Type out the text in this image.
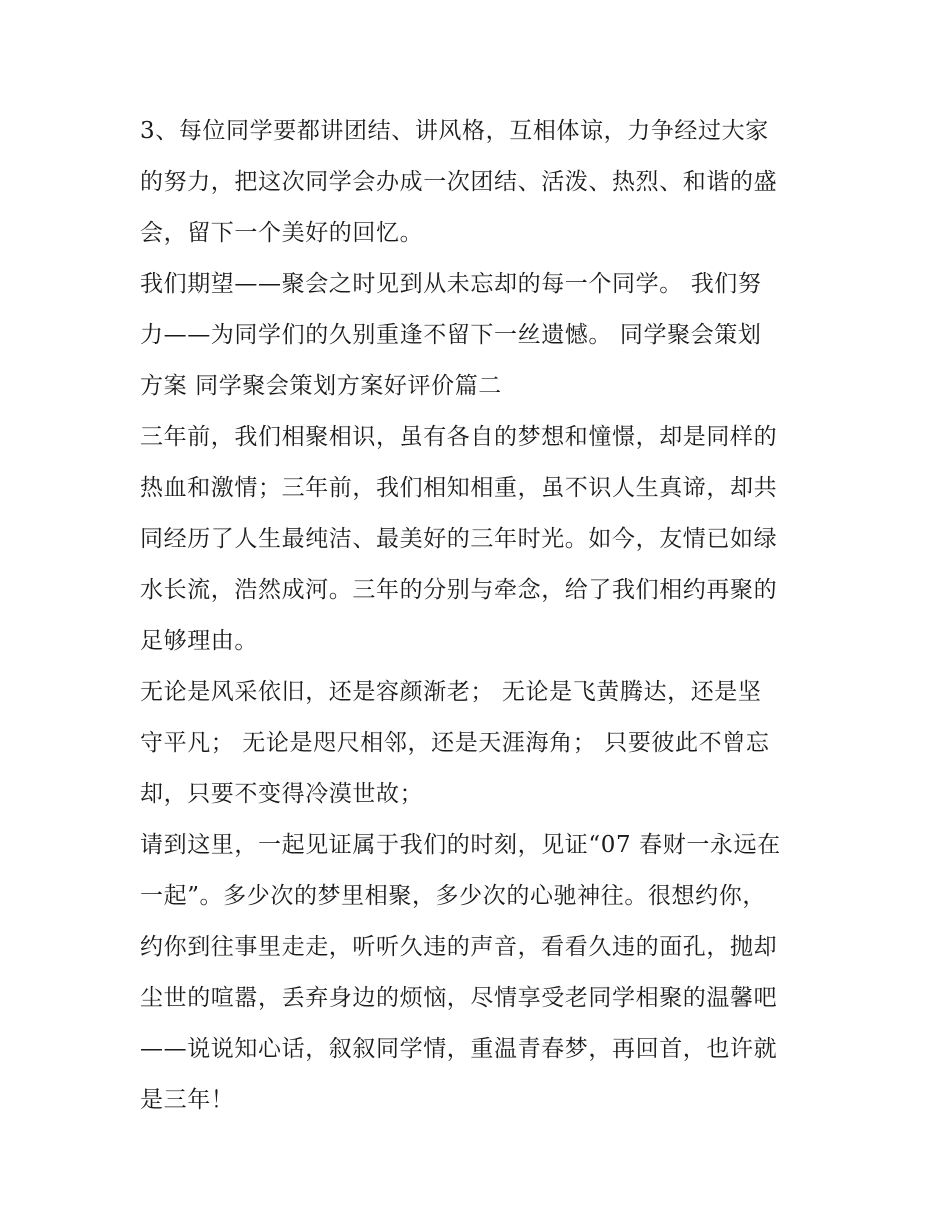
3、每位同学要都讲团结、讲风格，互相体谅，力争经过大家
的努力，把这次同学会办成一次团结、活泼、热烈、和谐的盛
会，留下一个美好的回忆。
我们期望——聚会之时见到从未忘却的每一个同学。 我们努
力——为同学们的久别重逢不留下一丝遗憾。 同学聚会策划
方案 同学聚会策划方案好评价篇二
三年前，我们相聚相识，虽有各自的梦想和憧憬，却是同样的
热血和激情；三年前，我们相知相重，虽不识人生真谛，却共
同经历了人生最纯洁、最美好的三年时光。如今，友情已如绿
水长流，浩然成河。三年的分别与牵念，给了我们相约再聚的
足够理由。
无论是风采依旧，还是容颜渐老； 无论是飞黄腾达，还是坚
守平凡； 无论是咫尺相邻，还是天涯海角； 只要彼此不曾忘
却，只要不变得冷漠世故；
请到这里，一起见证属于我们的时刻，见证“07 春财一永远在
一起”。多少次的梦里相聚，多少次的心驰神往。很想约你，
约你到往事里走走，听听久违的声音，看看久违的面孔，抛却
尘世的喧嚣，丢弃身边的烦恼，尽情享受老同学相聚的温馨吧
——说说知心话，叙叙同学情，重温青春梦，再回首，也许就
是三年！
